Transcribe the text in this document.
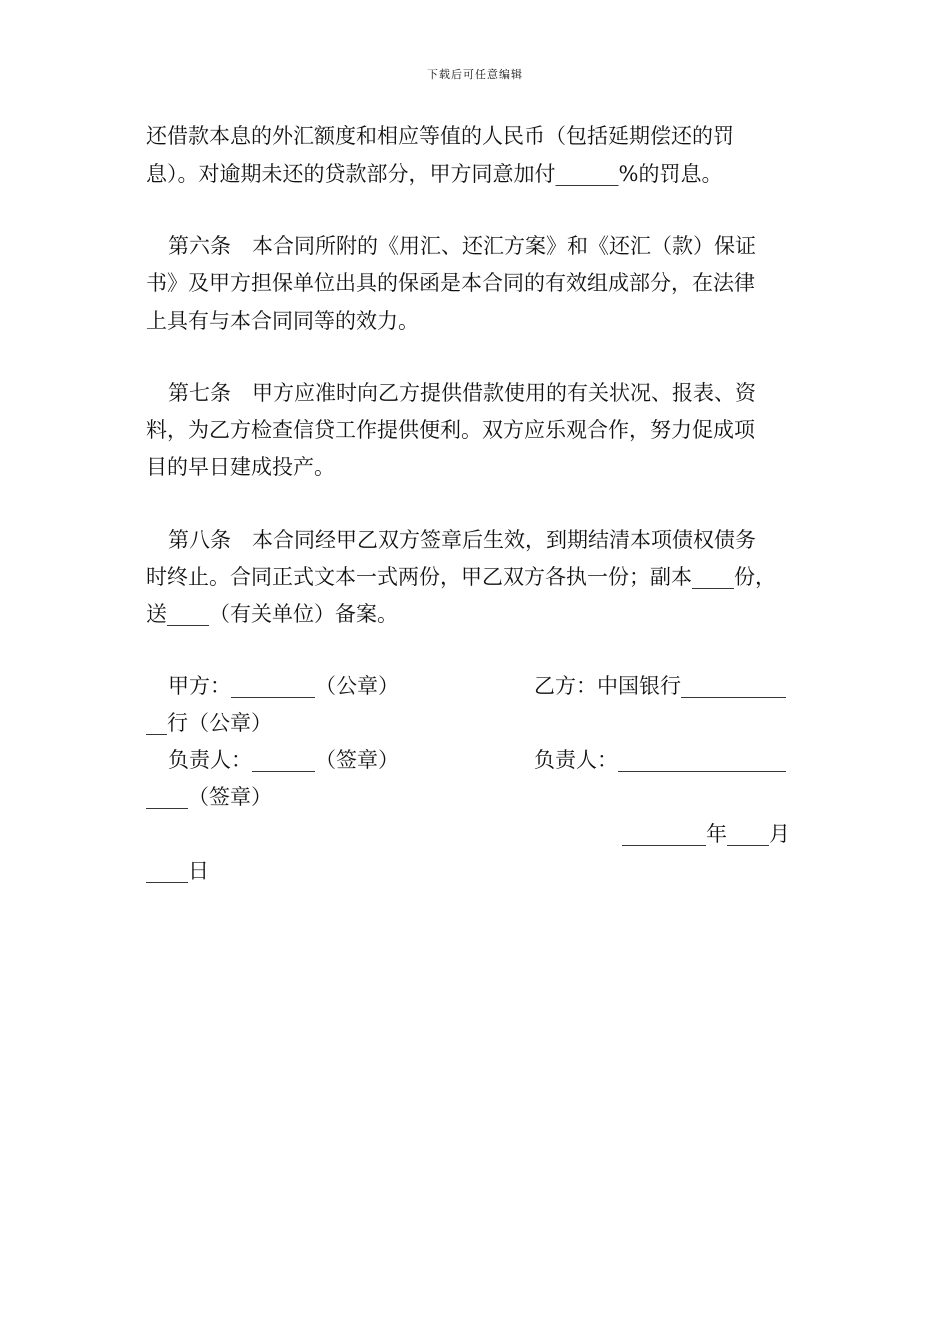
下载后可任意编辑
还借款本息的外汇额度和相应等值的人民币（包括延期偿还的罚
息）。对逾期未还的贷款部分，甲方同意加付______%的罚息。
第六条　本合同所附的《用汇、还汇方案》和《还汇（款）保证
书》及甲方担保单位出具的保函是本合同的有效组成部分，在法律
上具有与本合同同等的效力。
第七条　甲方应准时向乙方提供借款使用的有关状况、报表、资
料，为乙方检查信贷工作提供便利。双方应乐观合作，努力促成项
目的早日建成投产。
第八条　本合同经甲乙双方签章后生效，到期结清本项债权债务
时终止。合同正式文本一式两份，甲乙双方各执一份；副本____份，
送____（有关单位）备案。
甲方：________（公章）	乙方：中国银行__________
__行（公章）
负责人：______（签章）	负责人：________________
____（签章）
________年____月
____日
